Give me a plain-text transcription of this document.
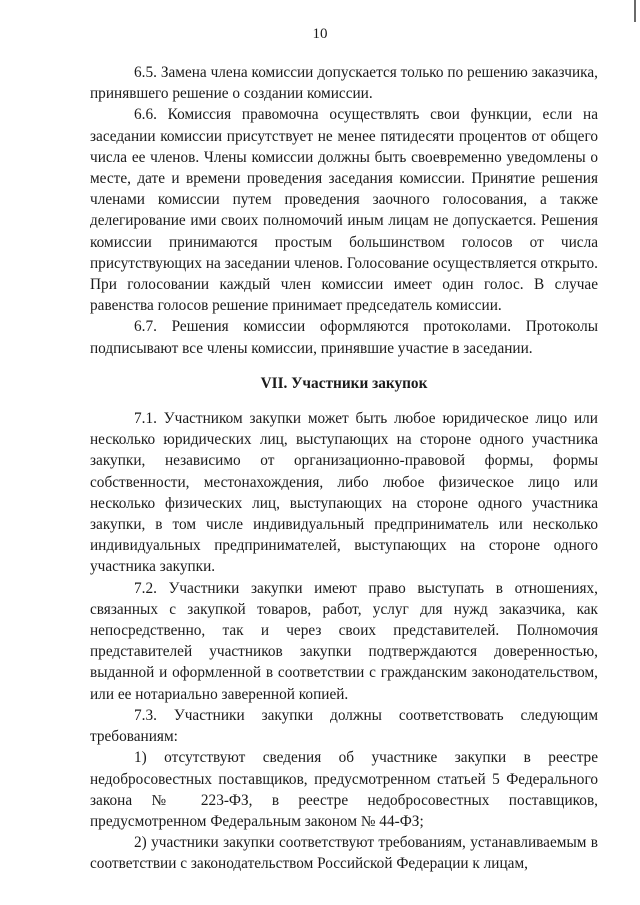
10

6.5. Замена члена комиссии допускается только по решению заказчика, принявшего решение о создании комиссии.

6.6. Комиссия правомочна осуществлять свои функции, если на заседании комиссии присутствует не менее пятидесяти процентов от общего числа ее членов. Члены комиссии должны быть своевременно уведомлены о месте, дате и времени проведения заседания комиссии. Принятие решения членами комиссии путем проведения заочного голосования, а также делегирование ими своих полномочий иным лицам не допускается. Решения комиссии принимаются простым большинством голосов от числа присутствующих на заседании членов. Голосование осуществляется открыто. При голосовании каждый член комиссии имеет один голос. В случае равенства голосов решение принимает председатель комиссии.

6.7. Решения комиссии оформляются протоколами. Протоколы подписывают все члены комиссии, принявшие участие в заседании.

VII. Участники закупок

7.1. Участником закупки может быть любое юридическое лицо или несколько юридических лиц, выступающих на стороне одного участника закупки, независимо от организационно-правовой формы, формы собственности, местонахождения, либо любое физическое лицо или несколько физических лиц, выступающих на стороне одного участника закупки, в том числе индивидуальный предприниматель или несколько индивидуальных предпринимателей, выступающих на стороне одного участника закупки.

7.2. Участники закупки имеют право выступать в отношениях, связанных с закупкой товаров, работ, услуг для нужд заказчика, как непосредственно, так и через своих представителей. Полномочия представителей участников закупки подтверждаются доверенностью, выданной и оформленной в соответствии с гражданским законодательством, или ее нотариально заверенной копией.

7.3. Участники закупки должны соответствовать следующим требованиям:

1) отсутствуют сведения об участнике закупки в реестре недобросовестных поставщиков, предусмотренном статьей 5 Федерального закона № 223-ФЗ, в реестре недобросовестных поставщиков, предусмотренном Федеральным законом № 44-ФЗ;

2) участники закупки соответствуют требованиям, устанавливаемым в соответствии с законодательством Российской Федерации к лицам,
